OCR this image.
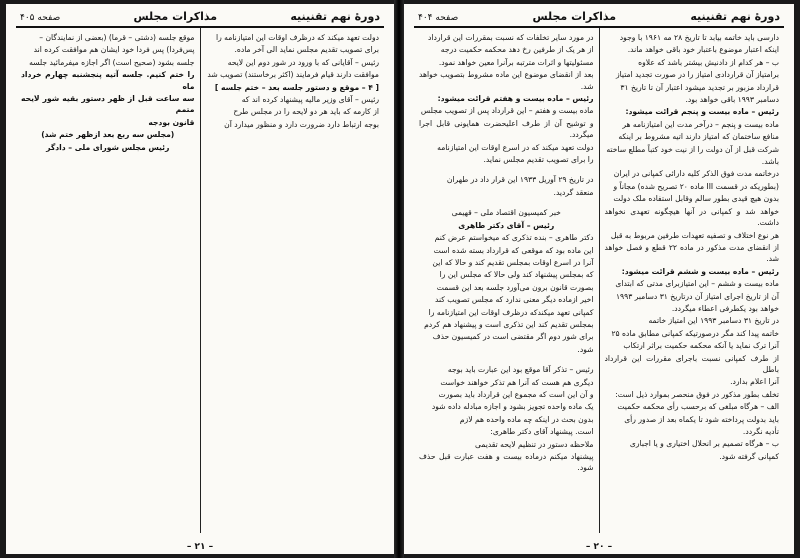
دورهٔ نهم تقنینیه
مذاکرات مجلس
صفحه ۴۰۵
دولت تعهد میکند که درظرف اوقات این امتیازنامه را
برای تصویب تقدیم مجلس نماید الی آخر ماده.
رئیس – آقایانی که با ورود در شور دوم این لایحه
موافقت دارند قیام فرمایند (اکثر برخاستند) تصویب شد
[ ۴ – موقع و دستور جلسه بعد – ختم جلسه ]
رئیس – آقای وزیر مالیه پیشنهاد کرده اند که
از کارمه که باید هر دو لایحه را در مجلس طرح
بوجه ارتباط دارد ضرورت دارد و منظور میدارد آن
موقع جلسه (دشتی – قرما) (بعضی از نمایندگان –
پس‌فردا) پس فردا خود ایشان هم موافقت کرده اند
جلسه بشود (صحیح است) اگر اجازه میفرمائید جلسه
را ختم کنیم. جلسه آتیه پنجشنبه چهارم خرداد ماه
سه ساعت قبل از ظهر دستور بقیه شور لایحه متمم
قانون بودجه
(مجلس سه ربع بعد ازظهر ختم شد)
رئیس مجلس شورای ملی – دادگر
– ۲۱ –
دورهٔ نهم تقنینیه
مذاکرات مجلس
صفحه ۴۰۴
دارسی باید خاتمه بیابد تا تاریخ ۲۸ مه ۱۹۶۱ با وجود
اینکه اعتبار موضوع باعتبار خود باقی خواهد ماند.
ب – هر کدام از دادنیش بیشتر باشد که علاوه
برامتیاز آن قراردادی امتیاز را در صورت تجدید امتیاز
قرارداد مزبور بر تجدید میشود اعتبار آن تا تاریخ ۳۱
دسامبر ۱۹۹۳ باقی خواهد بود.
رئیس – ماده بیست و پنجم قرائت میشود:
ماده بیست و پنجم – درآخر مدت این امتیازنامه هر
منافع ساختمان که امتیاز دارند اتیه مشروط بر اینکه
شرکت قبل از آن دولت را از نیت خود کتباً مطلع ساخته
باشد.
درخاتمه مدت فوق الذکر کلیه دارائی کمپانی در ایران
(بطوریکه در قسمت III ماده ۲۰ تصریح شده) مجاناً و
بدون هیچ قیدی بطور سالم وقابل استفاده ملک دولت
خواهد شد و کمپانی در آنها هیچگونه تعهدی نخواهد داشت.
هر نوع اختلاف و تصفیه تعهدات طرفین مربوط به قبل
از انقضای مدت مذکور در ماده ۲۲ قطع و فصل خواهد شد.
رئیس – ماده بیست و ششم قرائت میشود:
ماده بیست و ششم – این امتیازبرای مدتی که ابتدای
آن از تاریخ اجرای امتیاز آن درتاریخ ۳۱ دسامبر ۱۹۹۳
خواهد بود یکطرفی اعطاء میگردد.
در تاریخ ۳۱ دسامبر ۱۹۹۳ این امتیاز خاتمه
خاتمه پیدا کند مگر درصورتیکه کمپانی مطابق ماده ۲۵
آنرا ترک نماید یا آنکه محکمه حکمیت براثر ارتکاب
از طرف کمپانی نسبت باجرای مقررات این قرارداد باطل
آنرا اعلام بدارد.
تخلف بطور مذکور در فوق منحصر بموارد ذیل است:
الف – هرگاه مبلغی که برحسب رأی محکمه حکمیت
باید بدولت پرداخته شود تا یکماه بعد از صدور رأی
تأدیه نگردد.
ب – هرگاه تصمیم بر انحلال اختیاری و یا اجباری
کمپانی گرفته شود.
در مورد سایر تخلفات که نسبت بمقررات این قرارداد
از هر یک از طرفین رخ دهد محکمه حکمیت درجه
مسئولیتها و اثرات مترتبه برآنرا معین خواهد نمود.
بعد از انقضای موضوع این ماده مشروط بتصویب خواهد شد.
رئیس – ماده بیست و هفتم قرائت میشود:
ماده بیست و هفتم – این قرارداد پس از تصویب مجلس
و توشیح آن از طرف اعلیحضرت همایونی قابل اجرا میگردد.
دولت تعهد میکند که در اسرع اوقات این امتیازنامه
را برای تصویب تقدیم مجلس نماید.
در تاریخ ۲۹ آوریل ۱۹۳۳ این قرار داد در طهران
منعقد گردید.
خبر کمیسیون اقتصاد ملی – قهیمی
رئیس – آقای دکتر طاهری
دکتر طاهری – بنده تذکری که میخواستم عرض کنم
این ماده بود که موقعی که قرارداد بسته شده است
آنرا در اسرع اوقات بمجلس تقدیم کند و حالا که این
که بمجلس پیشنهاد کند ولی حالا که مجلس این را
بصورت قانون برون می‌آورد جلسه بعد این قسمت
اخیر ازماده دیگر معنی ندارد که مجلس تصویب کند
کمپانی تعهد میکندکه درظرف اوقات این امتیازنامه را
بمجلس تقدیم کند این تذکری است و پیشنهاد هم کردم
برای شور دوم اگر مقتضی است در کمیسیون حذف
شود.
رئیس – تذکر آقا موقع بود این عبارت باید بوجه
دیگری هم هست که آنرا هم تذکر خواهند خواست
و آن این است که مجموع این قرارداد باید بصورت
یک ماده واحده تجویز بشود و اجازه مبادله داده شود
بدون بحث در اینکه چه ماده واحده هم لازم
است. پیشنهاد آقای دکتر طاهری:
ملاحظه دستور در تنظیم لایحه تقدیمی
پیشنهاد میکنم درماده بیست و هفت عبارت قبل حذف شود.
– ۲۰ –
